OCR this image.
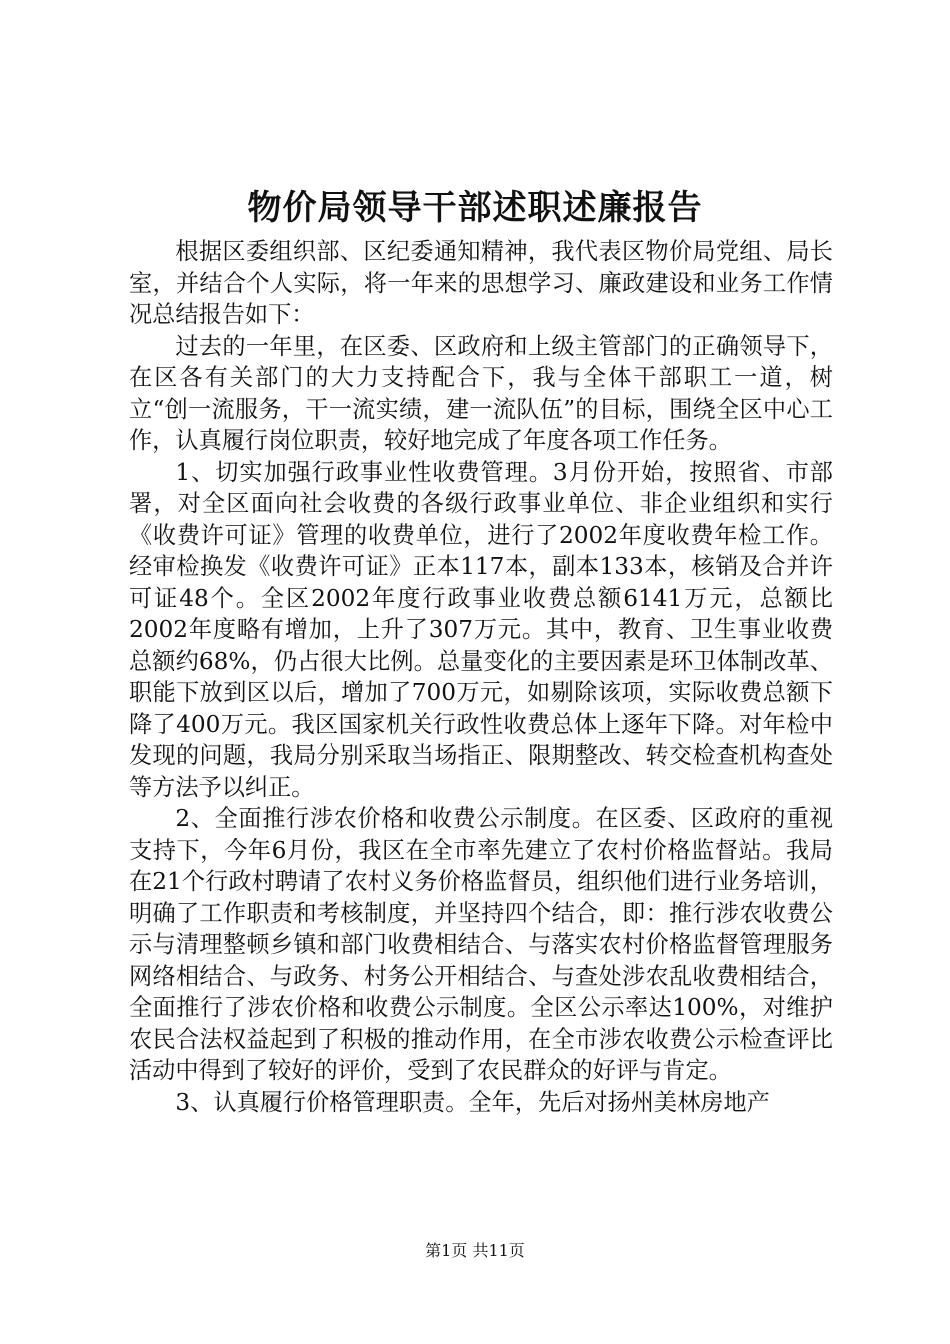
物价局领导干部述职述廉报告

根据区委组织部、区纪委通知精神，我代表区物价局党组、局长室，并结合个人实际，将一年来的思想学习、廉政建设和业务工作情况总结报告如下：

过去的一年里，在区委、区政府和上级主管部门的正确领导下，在区各有关部门的大力支持配合下，我与全体干部职工一道，树立“创一流服务，干一流实绩，建一流队伍”的目标，围绕全区中心工作，认真履行岗位职责，较好地完成了年度各项工作任务。

1、切实加强行政事业性收费管理。3月份开始，按照省、市部署，对全区面向社会收费的各级行政事业单位、非企业组织和实行《收费许可证》管理的收费单位，进行了2002年度收费年检工作。经审检换发《收费许可证》正本117本，副本133本，核销及合并许可证48个。全区2002年度行政事业收费总额6141万元，总额比2002年度略有增加，上升了307万元。其中，教育、卫生事业收费总额约68%，仍占很大比例。总量变化的主要因素是环卫体制改革、职能下放到区以后，增加了700万元，如剔除该项，实际收费总额下降了400万元。我区国家机关行政性收费总体上逐年下降。对年检中发现的问题，我局分别采取当场指正、限期整改、转交检查机构查处等方法予以纠正。

2、全面推行涉农价格和收费公示制度。在区委、区政府的重视支持下，今年6月份，我区在全市率先建立了农村价格监督站。我局在21个行政村聘请了农村义务价格监督员，组织他们进行业务培训，明确了工作职责和考核制度，并坚持四个结合，即：推行涉农收费公示与清理整顿乡镇和部门收费相结合、与落实农村价格监督管理服务网络相结合、与政务、村务公开相结合、与查处涉农乱收费相结合，全面推行了涉农价格和收费公示制度。全区公示率达100%，对维护农民合法权益起到了积极的推动作用，在全市涉农收费公示检查评比活动中得到了较好的评价，受到了农民群众的好评与肯定。

3、认真履行价格管理职责。全年，先后对扬州美林房地产

第1页 共11页
